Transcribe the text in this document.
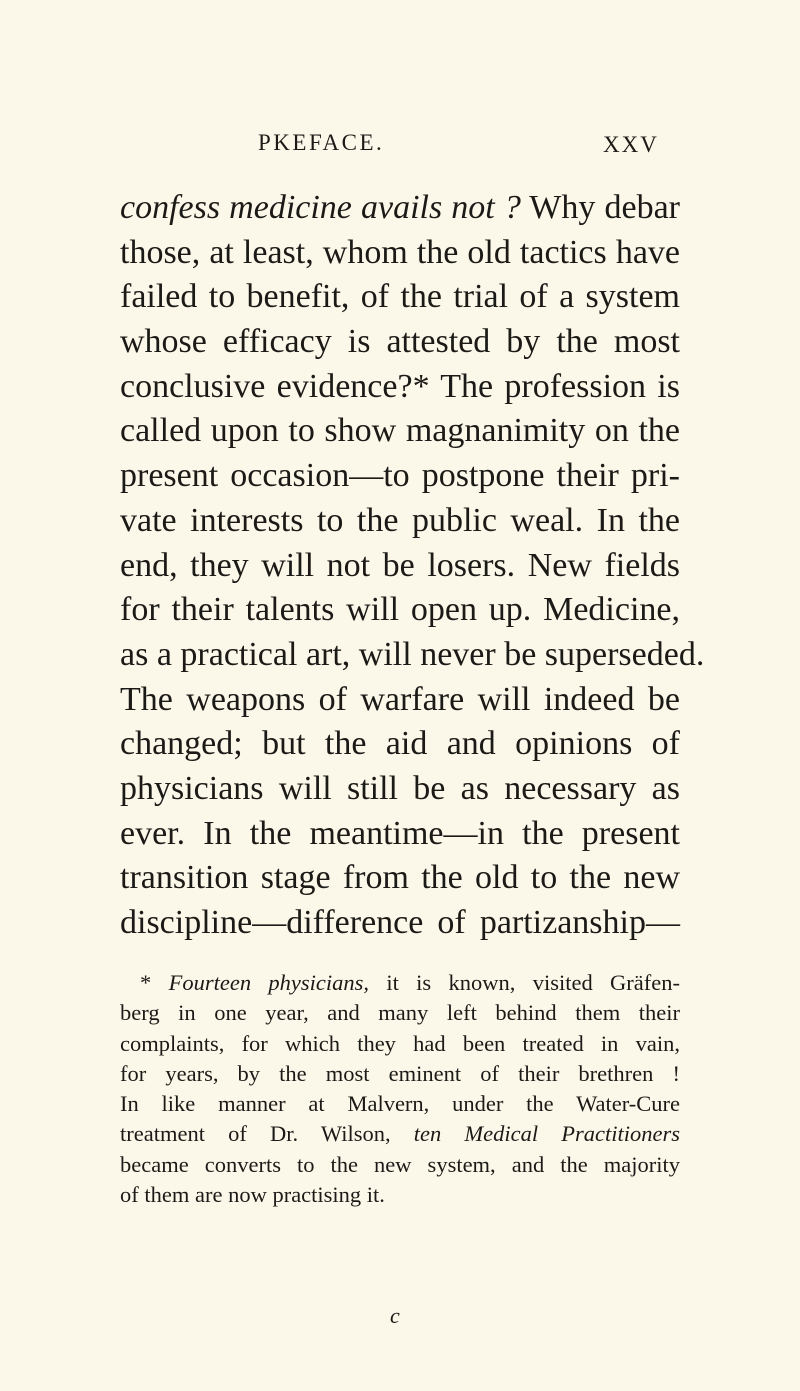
PKEFACE.	XXV
confess medicine avails not ? Why debar
those, at least, whom the old tactics have
failed to benefit, of the trial of a system
whose efficacy is attested by the most
conclusive evidence?* The profession is
called upon to show magnanimity on the
present occasion—to postpone their pri-
vate interests to the public weal. In the
end, they will not be losers. New fields
for their talents will open up. Medicine,
as a practical art, will never be superseded.
The weapons of warfare will indeed be
changed; but the aid and opinions of
physicians will still be as necessary as
ever. In the meantime—in the present
transition stage from the old to the new
discipline—difference of partizanship—
* Fourteen physicians, it is known, visited Gräfen-
berg in one year, and many left behind them their
complaints, for which they had been treated in vain,
for years, by the most eminent of their brethren !
In like manner at Malvern, under the Water-Cure
treatment of Dr. Wilson, ten Medical Practitioners
became converts to the new system, and the majority
of them are now practising it.
c
